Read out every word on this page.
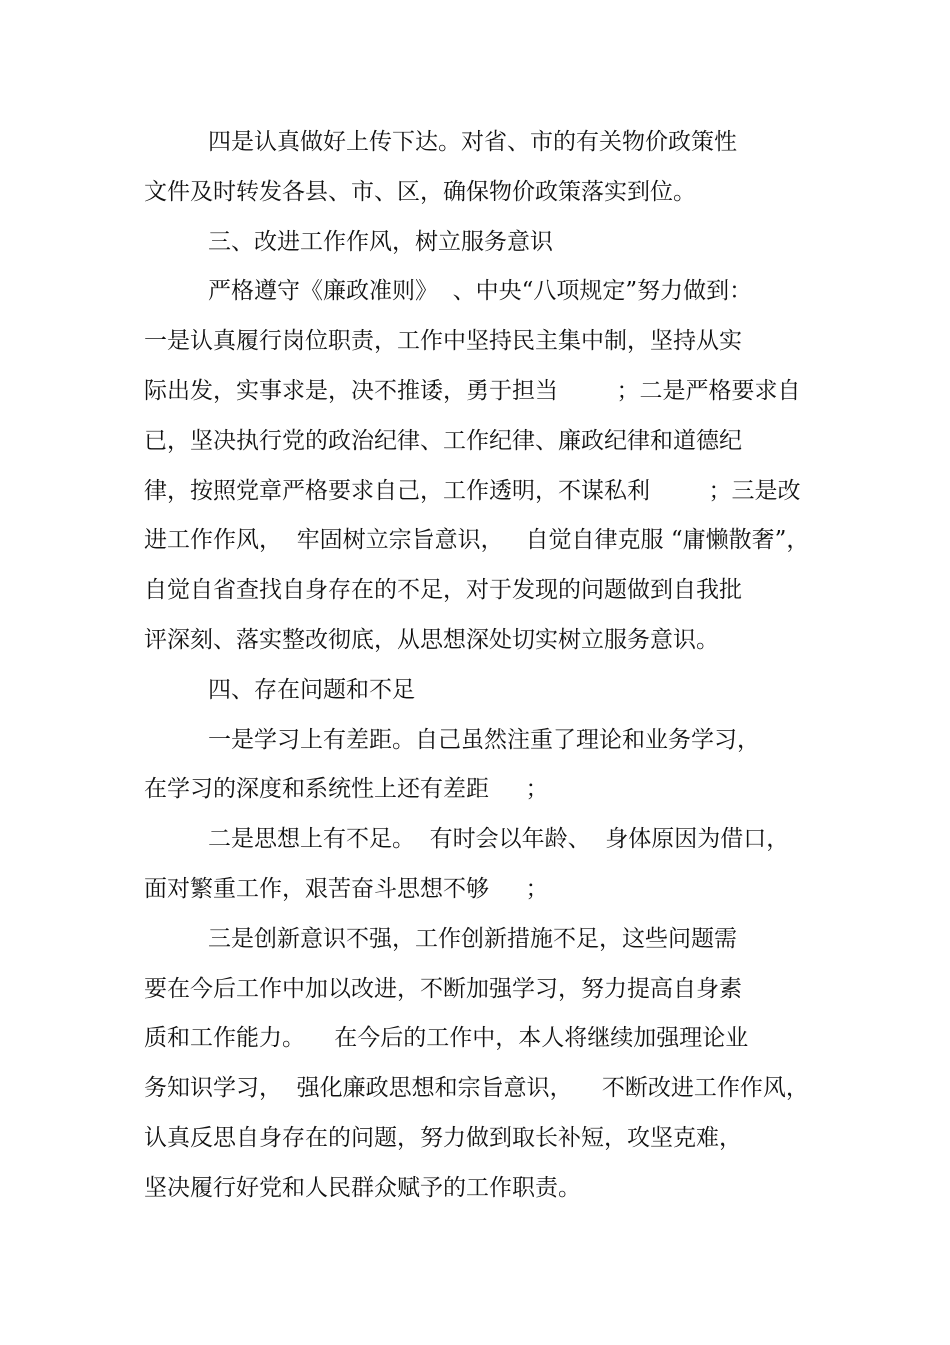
四是认真做好上传下达。对省、市的有关物价政策性
文件及时转发各县、市、区，确保物价政策落实到位。
三、改进工作作风，树立服务意识
严格遵守《廉政准则》  、中央“八项规定”努力做到：
一是认真履行岗位职责，工作中坚持民主集中制，坚持从实
际出发，实事求是，决不推诿，勇于担当        ；二是严格要求自
已，坚决执行党的政治纪律、工作纪律、廉政纪律和道德纪
律，按照党章严格要求自己，工作透明，不谋私利        ；三是改
进工作作风，  牢固树立宗旨意识，   自觉自律克服 “庸懒散奢”，
自觉自省查找自身存在的不足，对于发现的问题做到自我批
评深刻、落实整改彻底，从思想深处切实树立服务意识。
四、存在问题和不足
一是学习上有差距。自己虽然注重了理论和业务学习，
在学习的深度和系统性上还有差距     ；
二是思想上有不足。  有时会以年龄、  身体原因为借口，
面对繁重工作，艰苦奋斗思想不够     ；
三是创新意识不强，工作创新措施不足，这些问题需
要在今后工作中加以改进，不断加强学习，努力提高自身素
质和工作能力。    在今后的工作中，本人将继续加强理论业
务知识学习，  强化廉政思想和宗旨意识，    不断改进工作作风，
认真反思自身存在的问题，努力做到取长补短，攻坚克难，
坚决履行好党和人民群众赋予的工作职责。
